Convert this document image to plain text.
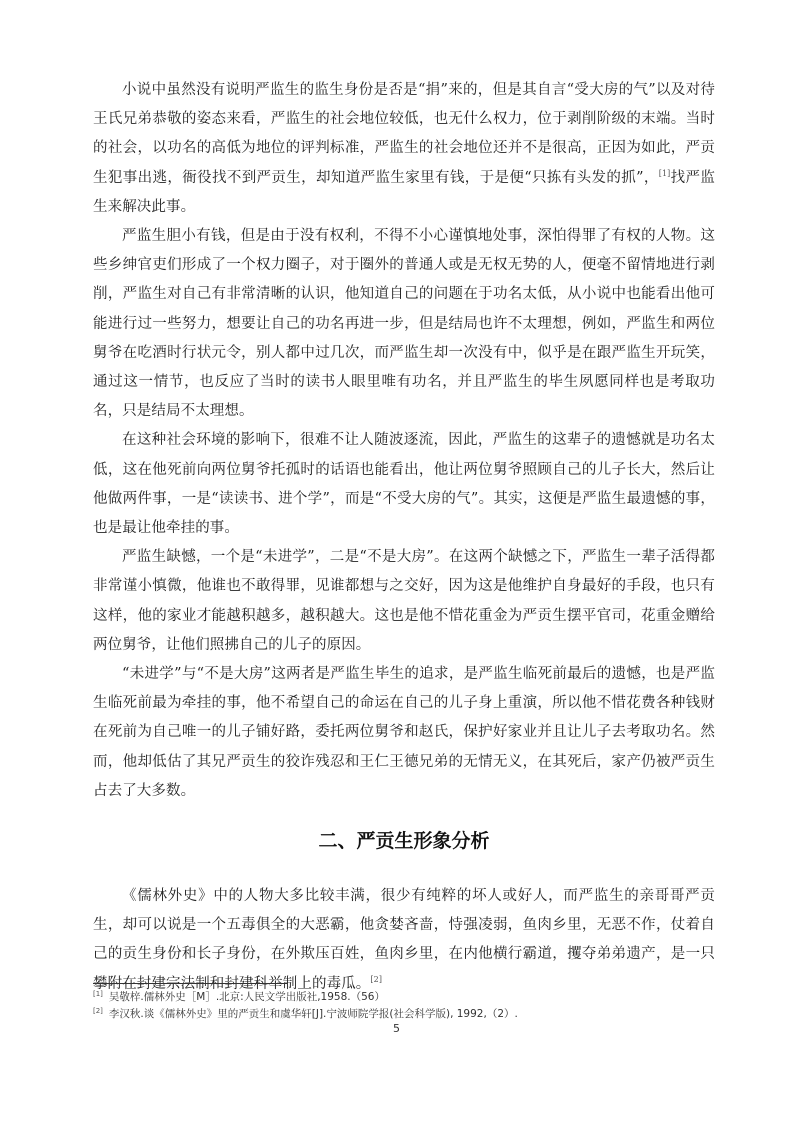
小说中虽然没有说明严监生的监生身份是否是“捐”来的，但是其自言“受大房的气”以及对待王氏兄弟恭敬的姿态来看，严监生的社会地位较低，也无什么权力，位于剥削阶级的末端。当时的社会，以功名的高低为地位的评判标准，严监生的社会地位还并不是很高，正因为如此，严贡生犯事出逃，衙役找不到严贡生，却知道严监生家里有钱，于是便“只拣有头发的抓”，[1]找严监生来解决此事。

严监生胆小有钱，但是由于没有权利，不得不小心谨慎地处事，深怕得罪了有权的人物。这些乡绅官吏们形成了一个权力圈子，对于圈外的普通人或是无权无势的人，便毫不留情地进行剥削，严监生对自己有非常清晰的认识，他知道自己的问题在于功名太低，从小说中也能看出他可能进行过一些努力，想要让自己的功名再进一步，但是结局也许不太理想，例如，严监生和两位舅爷在吃酒时行状元令，别人都中过几次，而严监生却一次没有中，似乎是在跟严监生开玩笑，通过这一情节，也反应了当时的读书人眼里唯有功名，并且严监生的毕生夙愿同样也是考取功名，只是结局不太理想。

在这种社会环境的影响下，很难不让人随波逐流，因此，严监生的这辈子的遗憾就是功名太低，这在他死前向两位舅爷托孤时的话语也能看出，他让两位舅爷照顾自己的儿子长大，然后让他做两件事，一是“读读书、进个学”，而是“不受大房的气”。其实，这便是严监生最遗憾的事，也是最让他牵挂的事。

严监生缺憾，一个是“未进学”，二是“不是大房”。在这两个缺憾之下，严监生一辈子活得都非常谨小慎微，他谁也不敢得罪，见谁都想与之交好，因为这是他维护自身最好的手段，也只有这样，他的家业才能越积越多，越积越大。这也是他不惜花重金为严贡生摆平官司，花重金赠给两位舅爷，让他们照拂自己的儿子的原因。

“未进学”与“不是大房”这两者是严监生毕生的追求，是严监生临死前最后的遗憾，也是严监生临死前最为牵挂的事，他不希望自己的命运在自己的儿子身上重演，所以他不惜花费各种钱财在死前为自己唯一的儿子铺好路，委托两位舅爷和赵氏，保护好家业并且让儿子去考取功名。然而，他却低估了其兄严贡生的狡诈残忍和王仁王德兄弟的无情无义，在其死后，家产仍被严贡生占去了大多数。

二、严贡生形象分析

《儒林外史》中的人物大多比较丰满，很少有纯粹的坏人或好人，而严监生的亲哥哥严贡生，却可以说是一个五毒俱全的大恶霸，他贪婪吝啬，恃强凌弱，鱼肉乡里，无恶不作，仗着自己的贡生身份和长子身份，在外欺压百姓，鱼肉乡里，在内他横行霸道，攫夺弟弟遗产，是一只攀附在封建宗法制和封建科举制上的毒瓜。[2]

[1] 吴敬梓.儒林外史［M］.北京:人民文学出版社,1958.（56）

[2] 李汉秋.谈《儒林外史》里的严贡生和虞华轩[J].宁波师院学报(社会科学版), 1992,（2）.

5
